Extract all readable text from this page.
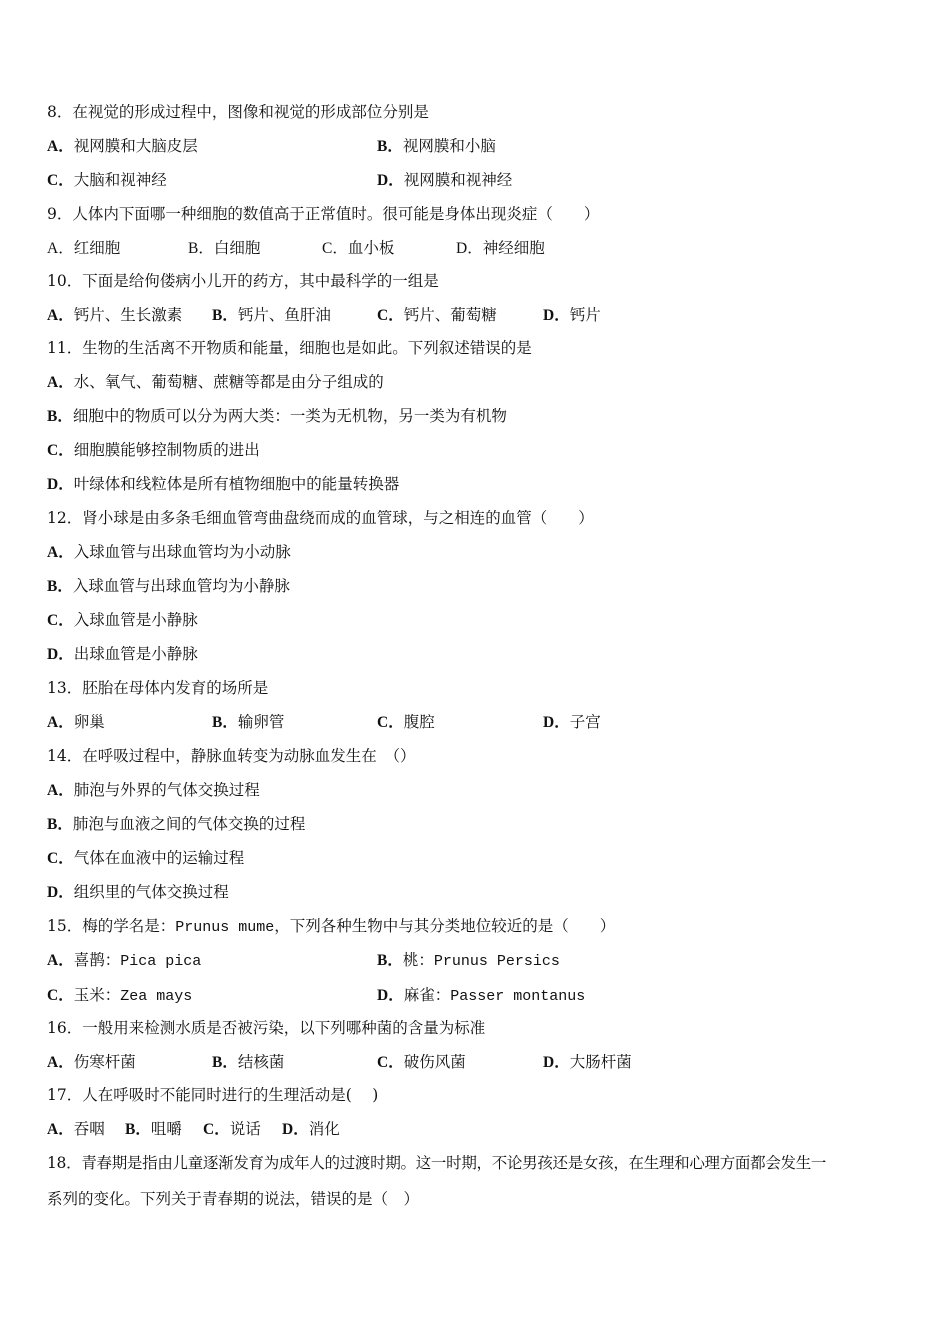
8．在视觉的形成过程中，图像和视觉的形成部位分别是
A．视网膜和大脑皮层	B．视网膜和小脑
C．大脑和视神经	D．视网膜和视神经
9．人体内下面哪一种细胞的数值高于正常值时。很可能是身体出现炎症（　　）
A．红细胞	B．白细胞	C．血小板	D．神经细胞
10．下面是给佝偻病小儿开的药方，其中最科学的一组是
A．钙片、生长激素 B．钙片、鱼肝油	C．钙片、葡萄糖	D．钙片
11．生物的生活离不开物质和能量，细胞也是如此。下列叙述错误的是
A．水、氧气、葡萄糖、蔗糖等都是由分子组成的
B．细胞中的物质可以分为两大类：一类为无机物，另一类为有机物
C．细胞膜能够控制物质的进出
D．叶绿体和线粒体是所有植物细胞中的能量转换器
12．肾小球是由多条毛细血管弯曲盘绕而成的血管球，与之相连的血管（　　）
A．入球血管与出球血管均为小动脉
B．入球血管与出球血管均为小静脉
C．入球血管是小静脉
D．出球血管是小静脉
13．胚胎在母体内发育的场所是
A．卵巢	B．输卵管	C．腹腔	D．子宫
14．在呼吸过程中，静脉血转变为动脉血发生在　（）
A．肺泡与外界的气体交换过程
B．肺泡与血液之间的气体交换的过程
C．气体在血液中的运输过程
D．组织里的气体交换过程
15．梅的学名是：Prunus mume，下列各种生物中与其分类地位较近的是（　　）
A．喜鹊：Pica pica	B．桃：Prunus Persics
C．玉米：Zea mays	D．麻雀：Passer montanus
16．一般用来检测水质是否被污染，以下列哪种菌的含量为标准
A．伤寒杆菌	B．结核菌	C．破伤风菌	D．大肠杆菌
17．人在呼吸时不能同时进行的生理活动是(　 )
A．吞咽 B．咀嚼 C．说话 D．消化
18．青春期是指由儿童逐渐发育为成年人的过渡时期。这一时期，不论男孩还是女孩，在生理和心理方面都会发生一
系列的变化。下列关于青春期的说法，错误的是（　）
